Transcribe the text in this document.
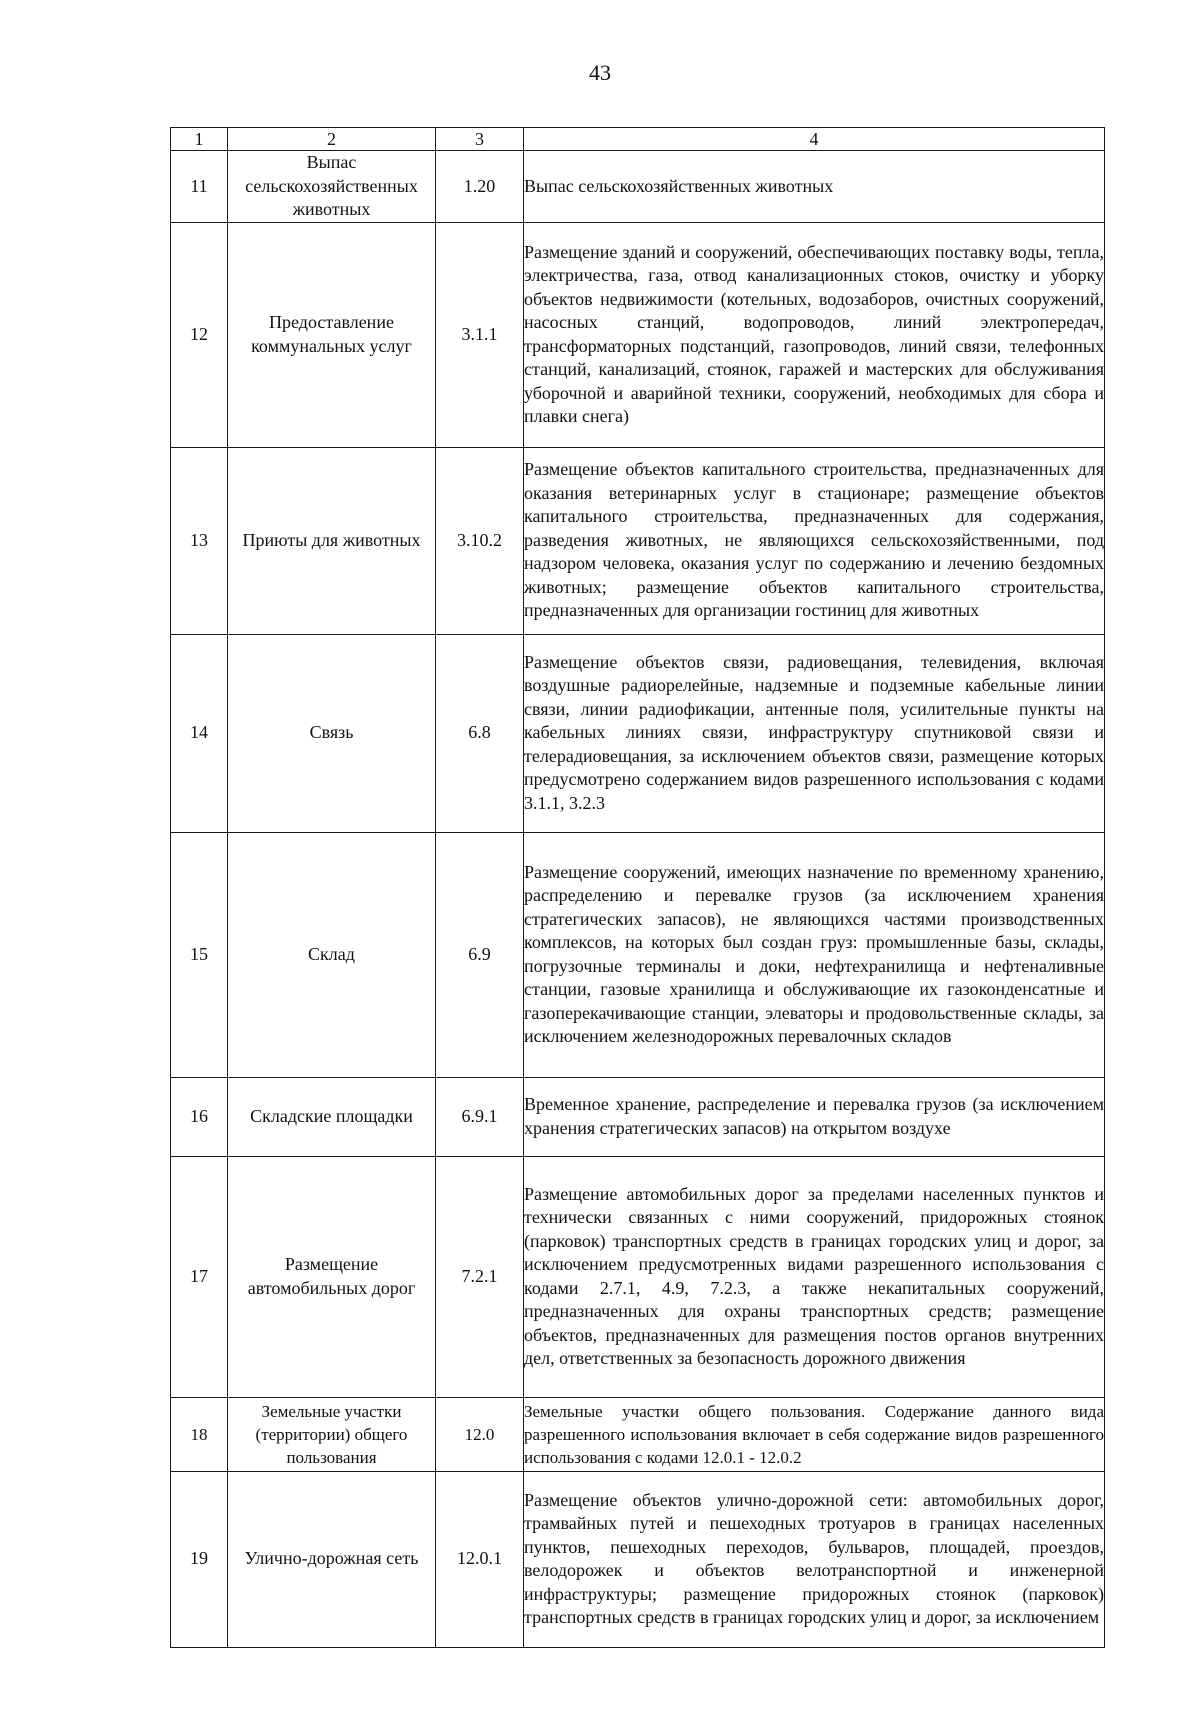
43
1	2	3	4
11	Выпас сельскохозяйственных животных	1.20	Выпас сельскохозяйственных животных
12	Предоставление коммунальных услуг	3.1.1	Размещение зданий и сооружений, обеспечивающих поставку воды, тепла, электричества, газа, отвод канализационных стоков, очистку и уборку объектов недвижимости (котельных, водозаборов, очистных сооружений, насосных станций, водопроводов, линий электропередач, трансформаторных подстанций, газопроводов, линий связи, телефонных станций, канализаций, стоянок, гаражей и мастерских для обслуживания уборочной и аварийной техники, сооружений, необходимых для сбора и плавки снега)
13	Приюты для животных	3.10.2	Размещение объектов капитального строительства, предназначенных для оказания ветеринарных услуг в стационаре; размещение объектов капитального строительства, предназначенных для содержания, разведения животных, не являющихся сельскохозяйственными, под надзором человека, оказания услуг по содержанию и лечению бездомных животных; размещение объектов капитального строительства, предназначенных для организации гостиниц для животных
14	Связь	6.8	Размещение объектов связи, радиовещания, телевидения, включая воздушные радиорелейные, надземные и подземные кабельные линии связи, линии радиофикации, антенные поля, усилительные пункты на кабельных линиях связи, инфраструктуру спутниковой связи и телерадиовещания, за исключением объектов связи, размещение которых предусмотрено содержанием видов разрешенного использования с кодами 3.1.1, 3.2.3
15	Склад	6.9	Размещение сооружений, имеющих назначение по временному хранению, распределению и перевалке грузов (за исключением хранения стратегических запасов), не являющихся частями производственных комплексов, на которых был создан груз: промышленные базы, склады, погрузочные терминалы и доки, нефтехранилища и нефтеналивные станции, газовые хранилища и обслуживающие их газоконденсатные и газоперекачивающие станции, элеваторы и продовольственные склады, за исключением железнодорожных перевалочных складов
16	Складские площадки	6.9.1	Временное хранение, распределение и перевалка грузов (за исключением хранения стратегических запасов) на открытом воздухе
17	Размещение автомобильных дорог	7.2.1	Размещение автомобильных дорог за пределами населенных пунктов и технически связанных с ними сооружений, придорожных стоянок (парковок) транспортных средств в границах городских улиц и дорог, за исключением предусмотренных видами разрешенного использования с кодами 2.7.1, 4.9, 7.2.3, а также некапитальных сооружений, предназначенных для охраны транспортных средств; размещение объектов, предназначенных для размещения постов органов внутренних дел, ответственных за безопасность дорожного движения
18	Земельные участки (территории) общего пользования	12.0	Земельные участки общего пользования. Содержание данного вида разрешенного использования включает в себя содержание видов разрешенного использования с кодами 12.0.1 - 12.0.2
19	Улично-дорожная сеть	12.0.1	Размещение объектов улично-дорожной сети: автомобильных дорог, трамвайных путей и пешеходных тротуаров в границах населенных пунктов, пешеходных переходов, бульваров, площадей, проездов, велодорожек и объектов велотранспортной и инженерной инфраструктуры; размещение придорожных стоянок (парковок) транспортных средств в границах городских улиц и дорог, за исключением
